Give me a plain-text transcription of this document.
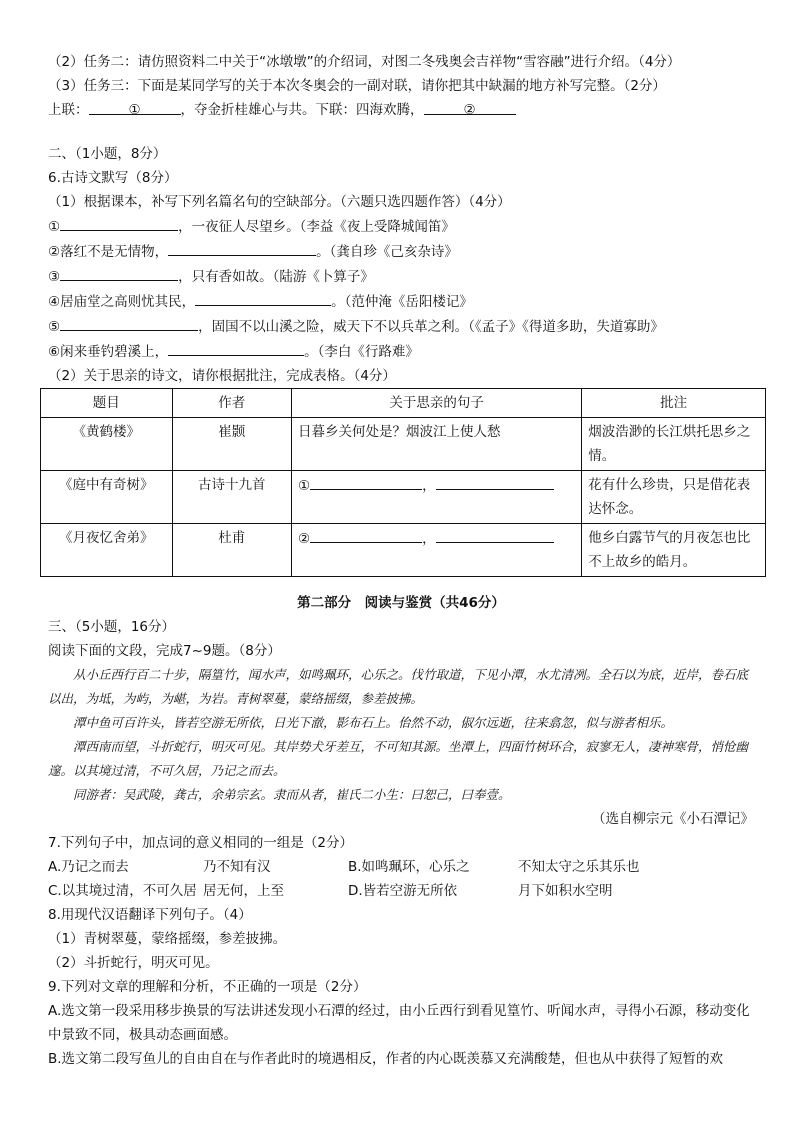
（2）任务二：请仿照资料二中关于“冰墩墩”的介绍词，对图二冬残奥会吉祥物“雪容融”进行介绍。（4分）
（3）任务三：下面是某同学写的关于本次冬奥会的一副对联，请你把其中缺漏的地方补写完整。（2分）
上联：	①	，夺金折桂雄心与共。下联：四海欢腾，	②
二、（1小题，8分）
6.古诗文默写（8分）
（1）根据课本，补写下列名篇名句的空缺部分。（六题只选四题作答）（4分）
①	，一夜征人尽望乡。（李益《夜上受降城闻笛》
②落红不是无情物，	。（龚自珍《己亥杂诗》
③	，只有香如故。（陆游《卜算子》
④居庙堂之高则忧其民，	。（范仲淹《岳阳楼记》
⑤	，固国不以山溪之险，威天下不以兵革之利。（《孟子》《得道多助，失道寡助》
⑥闲来垂钓碧溪上，	。（李白《行路难》
（2）关于思亲的诗文，请你根据批注，完成表格。（4分）
题目	作者	关于思亲的句子	批注
《黄鹤楼》	崔颢	日暮乡关何处是？烟波江上使人愁	烟波浩渺的长江烘托思乡之情。
《庭中有奇树》	古诗十九首	① ，	花有什么珍贵，只是借花表达怀念。
《月夜忆舍弟》	杜甫	② ，	他乡白露节气的月夜怎也比不上故乡的皓月。
第二部分　阅读与鉴赏（共46分）
三、（5小题，16分）
阅读下面的文段，完成7~9题。（8分）

从小丘西行百二十步，隔篁竹，闻水声，如鸣珮环，心乐之。伐竹取道，下见小潭，水尤清冽。全石以为底，近岸，卷石底以出，为坻，为屿，为嵁，为岩。青树翠蔓，蒙络摇缀，参差披拂。

潭中鱼可百许头，皆若空游无所依，日光下澈，影布石上。佁然不动，俶尔远逝，往来翕忽，似与游者相乐。

潭西南而望，斗折蛇行，明灭可见。其岸势犬牙差互，不可知其源。坐潭上，四面竹树环合，寂寥无人，凄神寒骨，悄怆幽邃。以其境过清，不可久居，乃记之而去。

同游者：吴武陵，龚古，余弟宗玄。隶而从者，崔氏二小生：曰恕己，曰奉壹。

（选自柳宗元《小石潭记》
7.下列句子中，加点词的意义相同的一组是（2分）
A.乃记之而去	乃不知有汉	B.如鸣珮环，心乐之	不知太守之乐其乐也
C.以其境过清，不可久居 居无何，上至	D.皆若空游无所依	月下如积水空明
8.用现代汉语翻译下列句子。（4）
（1）青树翠蔓，蒙络摇缀，参差披拂。
（2）斗折蛇行，明灭可见。
9.下列对文章的理解和分析，不正确的一项是（2分）
A.选文第一段采用移步换景的写法讲述发现小石潭的经过，由小丘西行到看见篁竹、听闻水声，寻得小石源，移动变化中景致不同，极具动态画面感。
B.选文第二段写鱼儿的自由自在与作者此时的境遇相反，作者的内心既羡慕又充满酸楚，但也从中获得了短暂的欢
